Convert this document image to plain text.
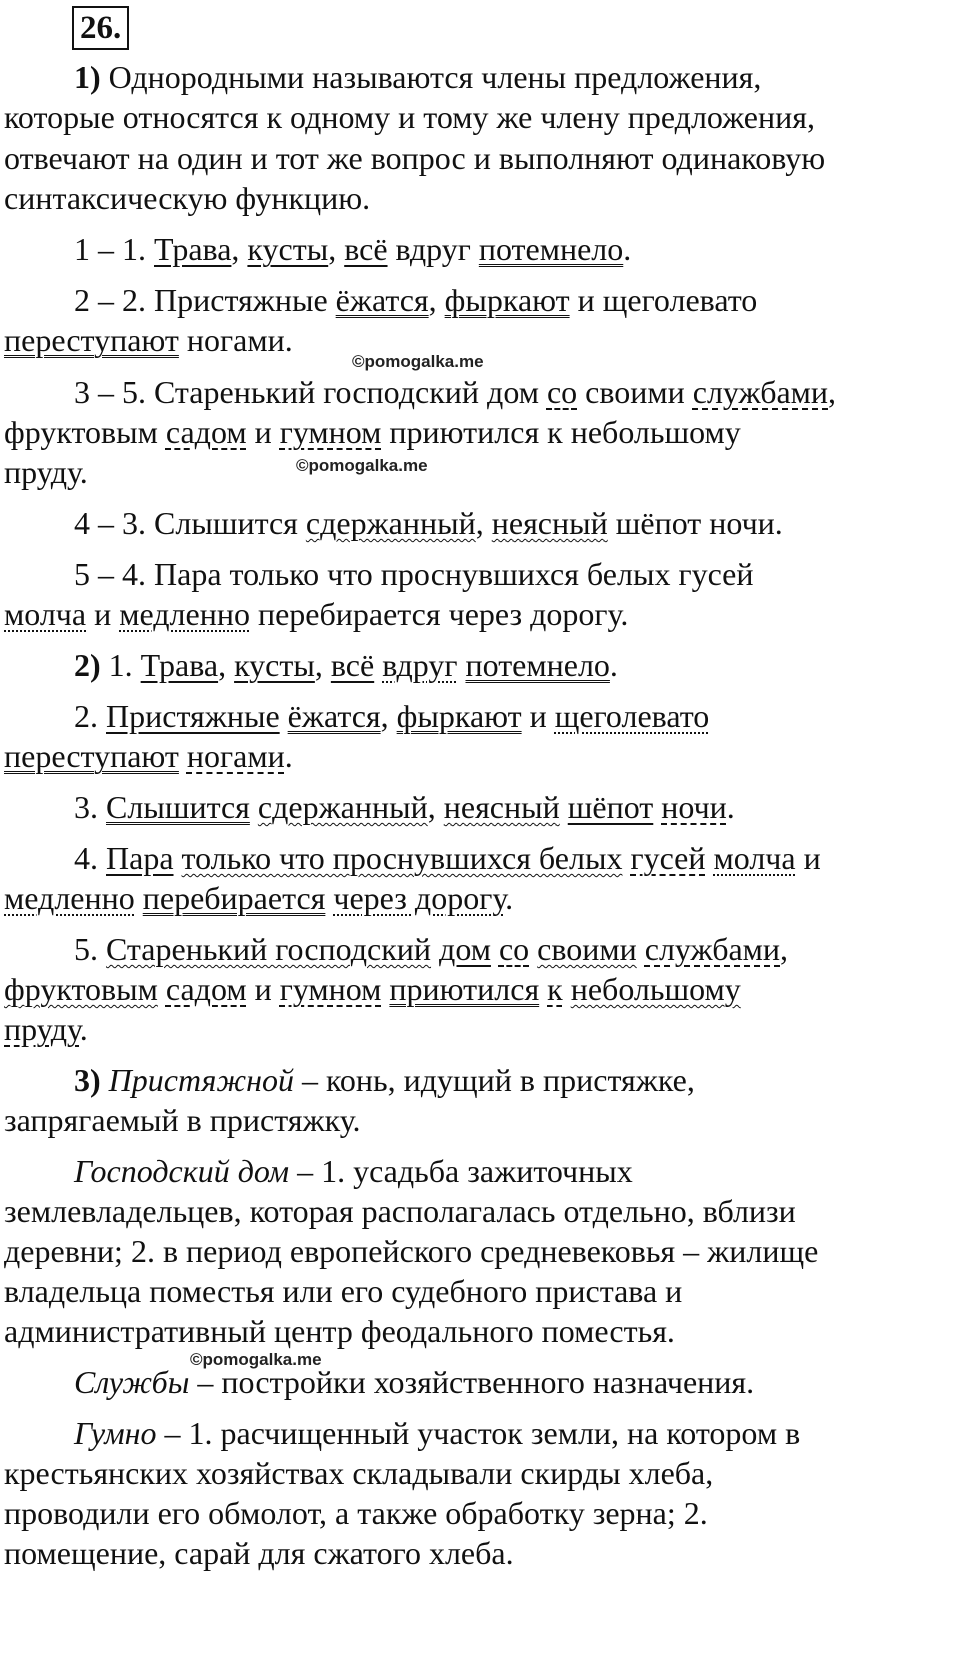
26.
1) Однородными называются члены предложения,
которые относятся к одному и тому же члену предложения,
отвечают на один и тот же вопрос и выполняют одинаковую
синтаксическую функцию.
1 – 1. Трава, кусты, всё вдруг потемнело.
2 – 2. Пристяжные ёжатся, фыркают и щеголевато
переступают ногами.
©pomogalka.me
3 – 5. Старенький господский дом со своими службами,
фруктовым садом и гумном приютился к небольшому
пруду.	©pomogalka.me
4 – 3. Слышится сдержанный, неясный шёпот ночи.
5 – 4. Пара только что проснувшихся белых гусей
молча и медленно перебирается через дорогу.
2) 1. Трава, кусты, всё вдруг потемнело.
2. Пристяжные ёжатся, фыркают и щеголевато
переступают ногами.
3. Слышится сдержанный, неясный шёпот ночи.
4. Пара только что проснувшихся белых гусей молча и
медленно перебирается через дорогу.
5. Старенький господский дом со своими службами,
фруктовым садом и гумном приютился к небольшому
пруду.
3) Пристяжной – конь, идущий в пристяжке,
запрягаемый в пристяжку.
Господский дом – 1. усадьба зажиточных
землевладельцев, которая располагалась отдельно, вблизи
деревни; 2. в период европейского средневековья – жилище
владельца поместья или его судебного пристава и
административный центр феодального поместья.
©pomogalka.me
Службы – постройки хозяйственного назначения.
Гумно – 1. расчищенный участок земли, на котором в
крестьянских хозяйствах складывали скирды хлеба,
проводили его обмолот, а также обработку зерна; 2.
помещение, сарай для сжатого хлеба.
